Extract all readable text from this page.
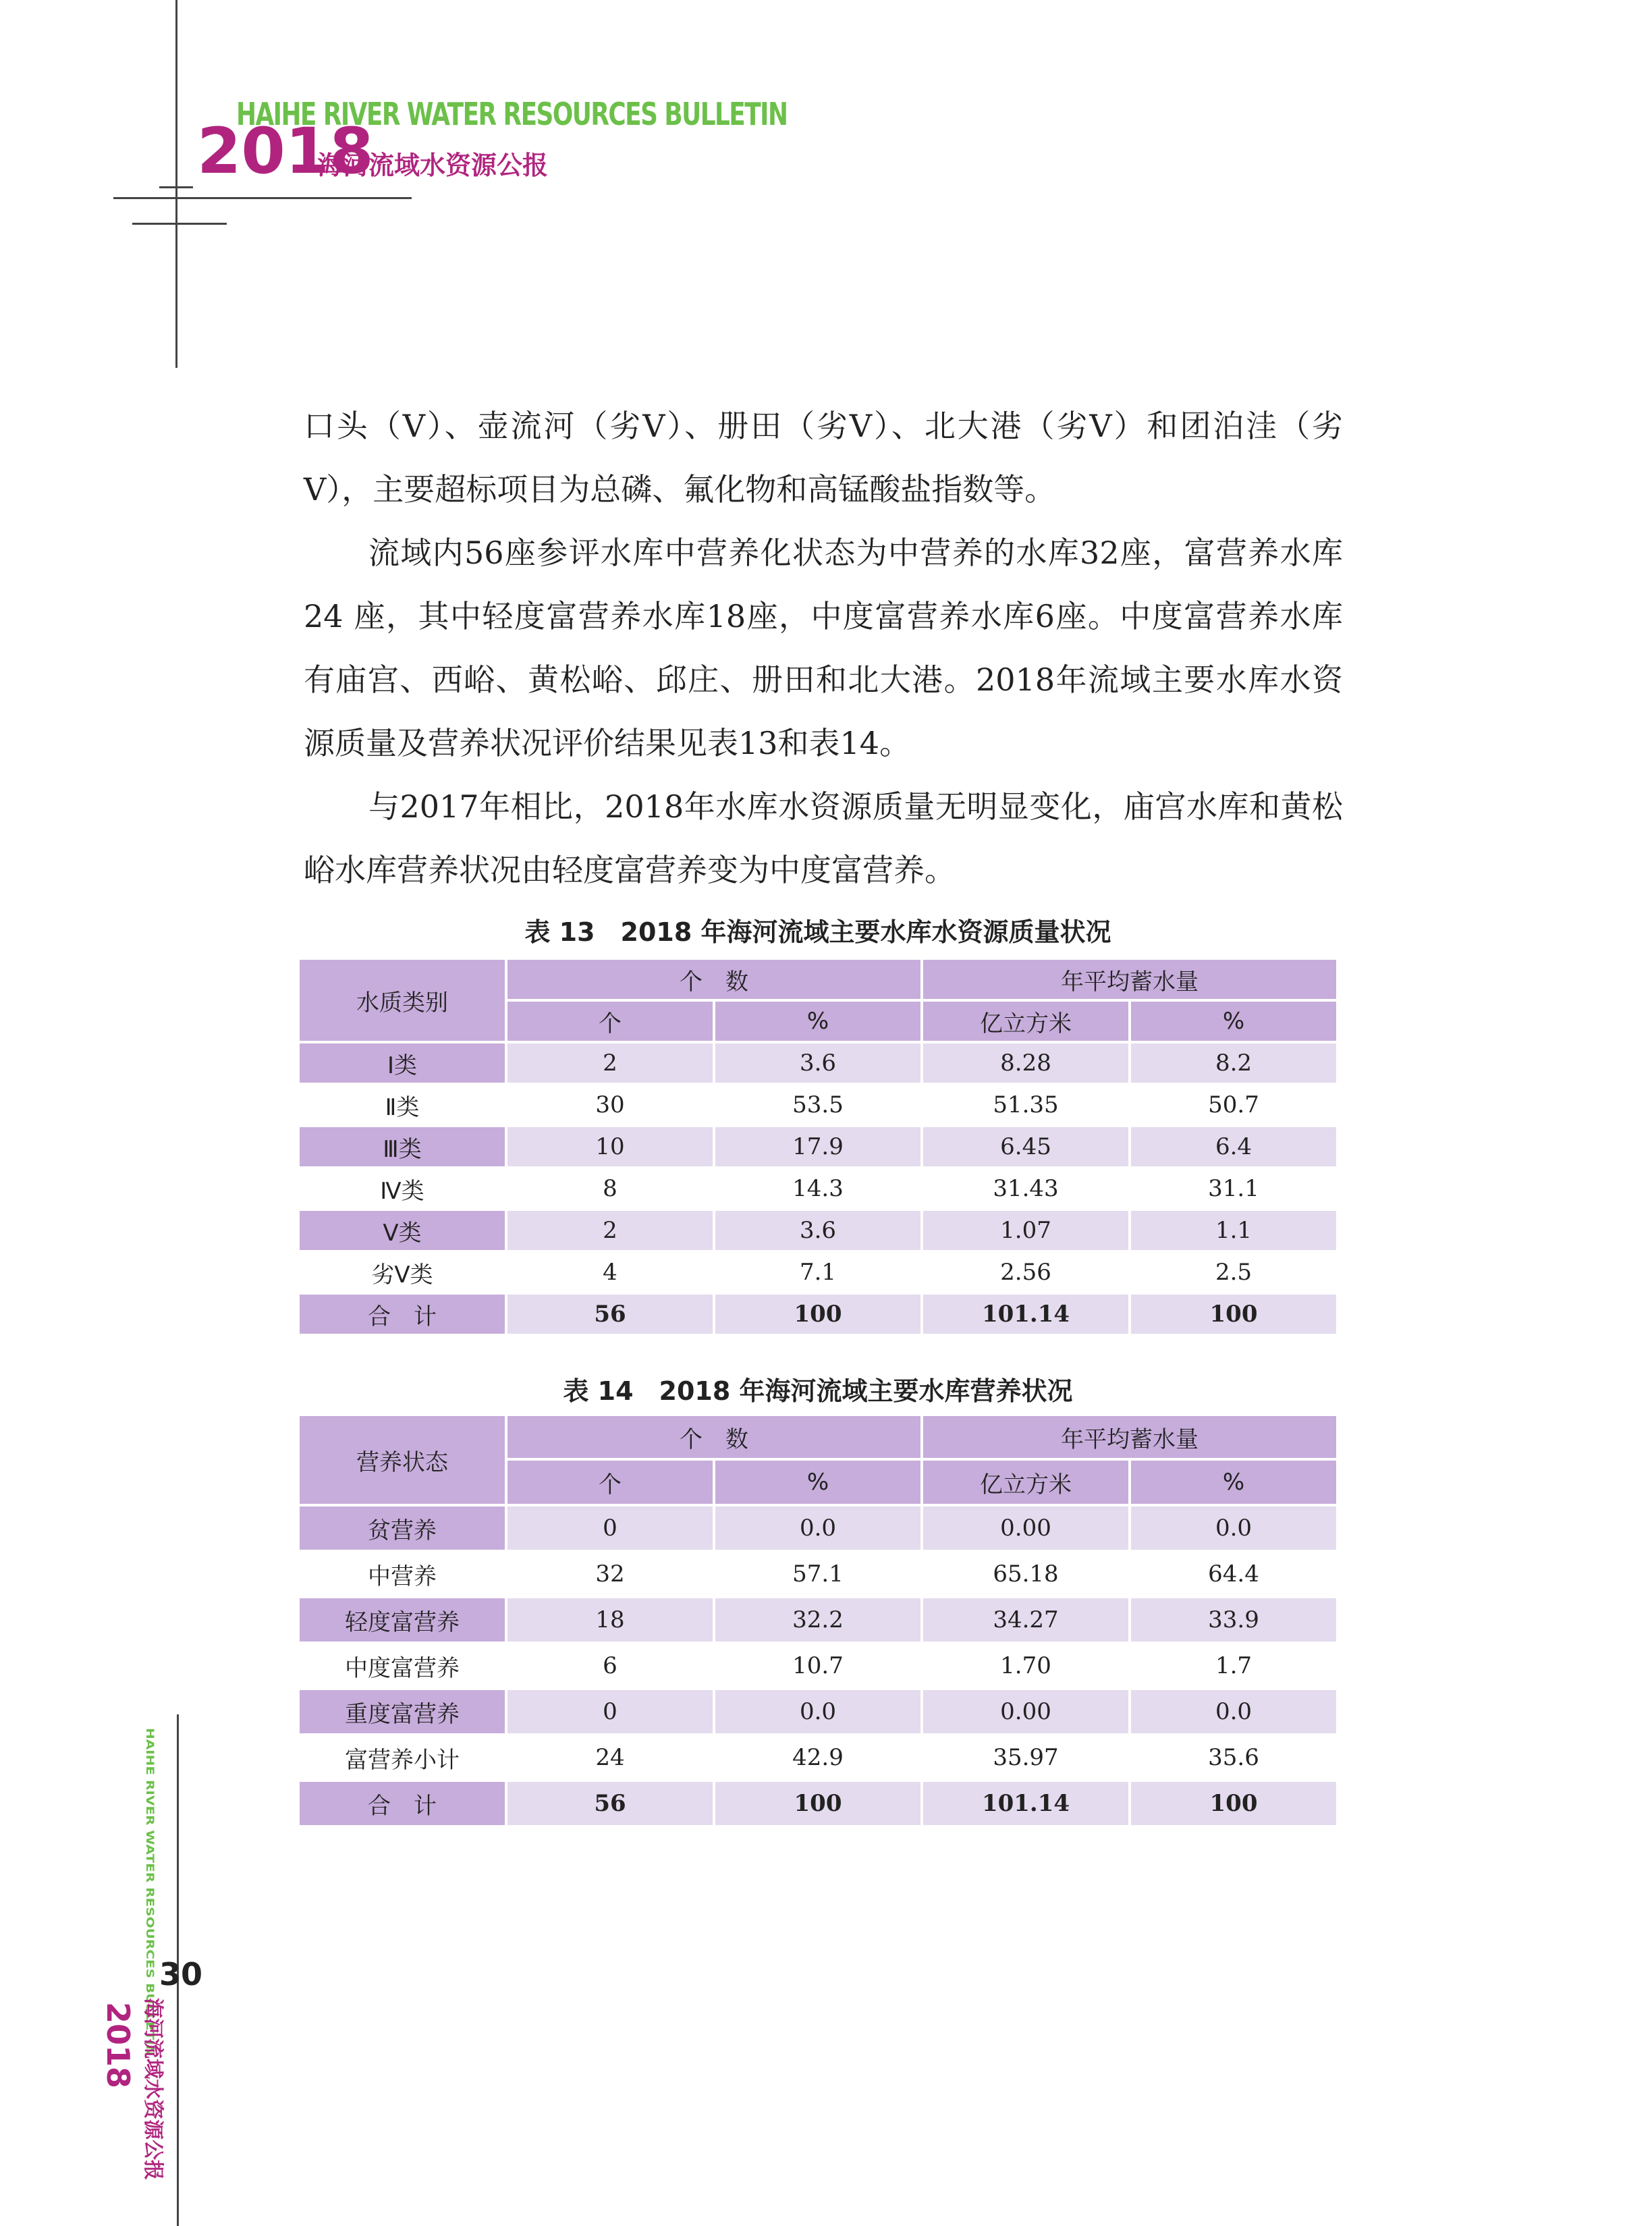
HAIHE RIVER WATER RESOURCES BULLETIN
2018
海河流域水资源公报

口头（Ⅴ）、壶流河（劣Ⅴ）、册田（劣Ⅴ）、北大港（劣Ⅴ）和团泊洼（劣Ⅴ），主要超标项目为总磷、氟化物和高锰酸盐指数等。

流域内56座参评水库中营养化状态为中营养的水库32座，富营养水库24 座，其中轻度富营养水库18座，中度富营养水库6座。中度富营养水库有庙宫、西峪、黄松峪、邱庄、册田和北大港。2018年流域主要水库水资源质量及营养状况评价结果见表13和表14。

与2017年相比，2018年水库水资源质量无明显变化，庙宫水库和黄松峪水库营养状况由轻度富营养变为中度富营养。

表 13　2018 年海河流域主要水库水资源质量状况
水质类别	个　数		年平均蓄水量	
	个	%	亿立方米	%
Ⅰ类	2	3.6	8.28	8.2
Ⅱ类	30	53.5	51.35	50.7
Ⅲ类	10	17.9	6.45	6.4
Ⅳ类	8	14.3	31.43	31.1
Ⅴ类	2	3.6	1.07	1.1
劣Ⅴ类	4	7.1	2.56	2.5
合　计	56	100	101.14	100
表 14　2018 年海河流域主要水库营养状况
营养状态	个　数		年平均蓄水量	
	个	%	亿立方米	%
贫营养	0	0.0	0.00	0.0
中营养	32	57.1	65.18	64.4
轻度富营养	18	32.2	34.27	33.9
中度富营养	6	10.7	1.70	1.7
重度富营养	0	0.0	0.00	0.0
富营养小计	24	42.9	35.97	35.6
合　计	56	100	101.14	100
HAIHE RIVER WATER RESOURCES BULLETIN 30
海河流域水资源公报
2018
